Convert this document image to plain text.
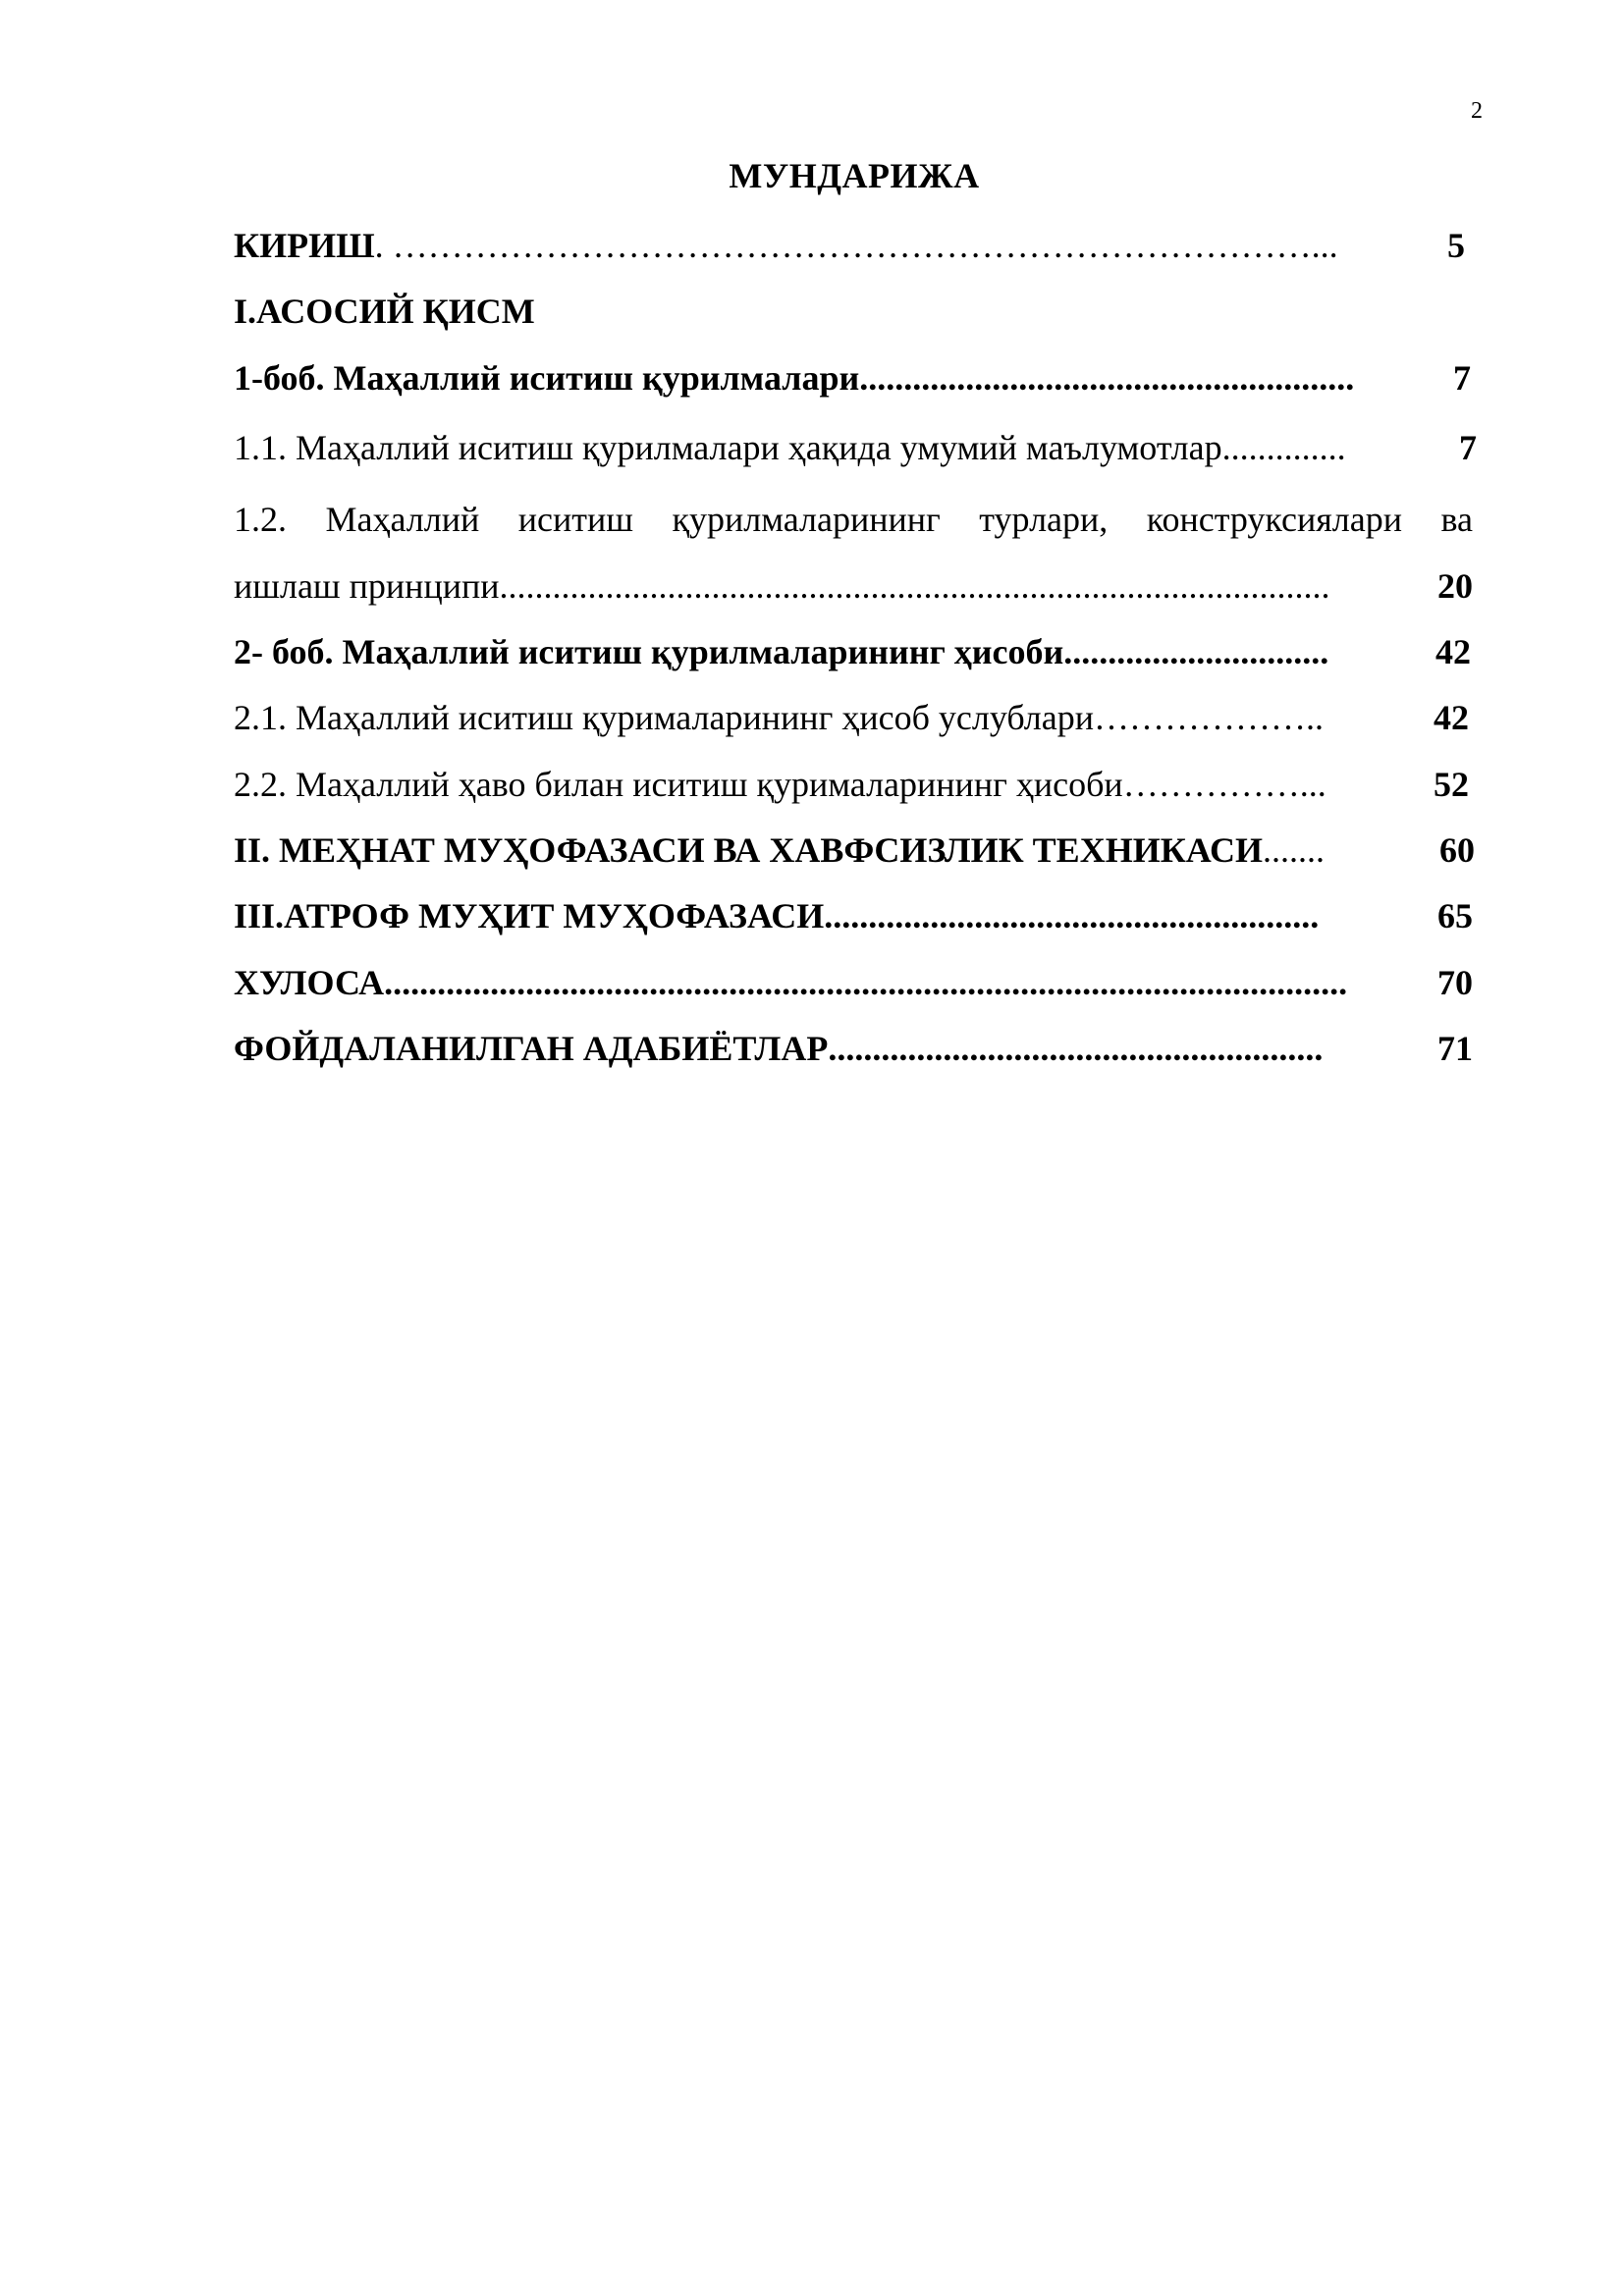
2
МУНДАРИЖА
КИРИШ . ……………………………………………………………………...	5
I.АСОСИЙ ҚИСМ
1-боб. Маҳаллий иситиш қурилмалари ........................................................	7
1.1. Маҳаллий иситиш қурилмалари ҳақида умумий маълумотлар ..............	7
1.2. Маҳаллий иситиш қурилмаларининг турлари, конструксиялари ва
ишлаш принципи ..............................................................................................	20
2- боб. Маҳаллий иситиш қурилмаларининг ҳисоби ..............................	42
2.1. Маҳаллий иситиш қурималарининг ҳисоб услублари ………………..	42
2.2. Маҳаллий ҳаво билан иситиш қурималарининг ҳисоби ……………...	52
II. МЕҲНАТ МУҲОФАЗАСИ ВА ХАВФСИЗЛИК ТЕХНИКАСИ .......	60
III.АТРОФ МУҲИТ МУҲОФАЗАСИ ........................................................	65
ХУЛОСА .............................................................................................................	70
ФОЙДАЛАНИЛГАН АДАБИЁТЛАР ........................................................	71
